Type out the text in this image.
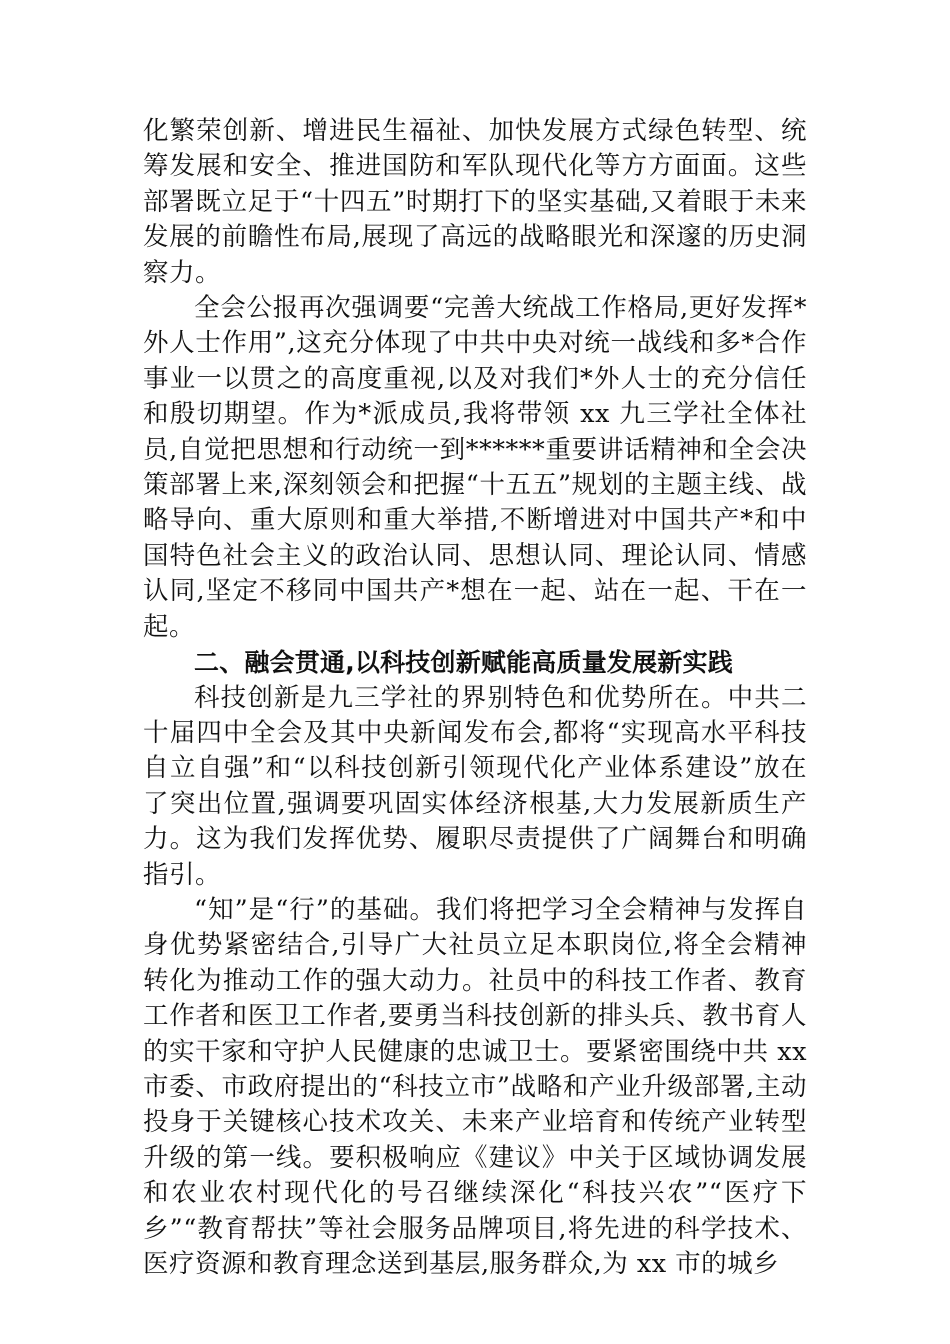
化繁荣创新、增进民生福祉、加快发展方式绿色转型、统筹发展和安全、推进国防和军队现代化等方方面面。这些部署既立足于“十四五”时期打下的坚实基础,又着眼于未来发展的前瞻性布局,展现了高远的战略眼光和深邃的历史洞察力。

全会公报再次强调要“完善大统战工作格局,更好发挥*外人士作用”,这充分体现了中共中央对统一战线和多*合作事业一以贯之的高度重视,以及对我们*外人士的充分信任和殷切期望。作为*派成员,我将带领 xx 九三学社全体社员,自觉把思想和行动统一到******重要讲话精神和全会决策部署上来,深刻领会和把握“十五五”规划的主题主线、战略导向、重大原则和重大举措,不断增进对中国共产*和中国特色社会主义的政治认同、思想认同、理论认同、情感认同,坚定不移同中国共产*想在一起、站在一起、干在一起。

二、融会贯通,以科技创新赋能高质量发展新实践

科技创新是九三学社的界别特色和优势所在。中共二十届四中全会及其中央新闻发布会,都将“实现高水平科技自立自强”和“以科技创新引领现代化产业体系建设”放在了突出位置,强调要巩固实体经济根基,大力发展新质生产力。这为我们发挥优势、履职尽责提供了广阔舞台和明确指引。

“知”是“行”的基础。我们将把学习全会精神与发挥自身优势紧密结合,引导广大社员立足本职岗位,将全会精神转化为推动工作的强大动力。社员中的科技工作者、教育工作者和医卫工作者,要勇当科技创新的排头兵、教书育人的实干家和守护人民健康的忠诚卫士。要紧密围绕中共 xx 市委、市政府提出的“科技立市”战略和产业升级部署,主动投身于关键核心技术攻关、未来产业培育和传统产业转型升级的第一线。要积极响应《建议》中关于区域协调发展和农业农村现代化的号召继续深化“科技兴农”“医疗下乡”“教育帮扶”等社会服务品牌项目,将先进的科学技术、医疗资源和教育理念送到基层,服务群众,为 xx 市的城乡
